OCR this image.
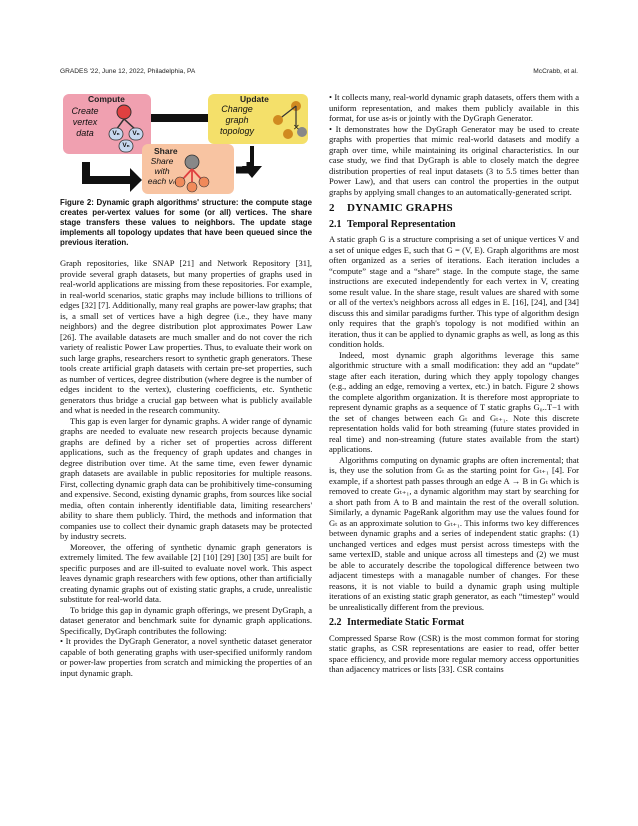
GRADES '22, June 12, 2022, Philadelphia, PA	McCrabb, et al.
✕
Compute
Create
vertex
data
Update
Change
graph
topology
Share
Share
with
each vₙ
Vₙ	Vₙ
Vₙ
Figure 2: Dynamic graph algorithms' structure: the compute stage creates per-vertex values for some (or all) vertices. The share stage transfers these values to neighbors. The update stage implements all topology updates that have been queued since the previous iteration.

Graph repositories, like SNAP [21] and Network Repository [31], provide several graph datasets, but many properties of graphs used in real-world applications are missing from these repositories. For example, in real-world scenarios, static graphs may include billions to trillions of edges [32] [7]. Additionally, many real graphs are power-law graphs; that is, a small set of vertices have a high degree (i.e., they have many neighbors) and the degree distribution plot approximates Power Law [26]. The available datasets are much smaller and do not cover the rich variety of realistic Power Law properties. Thus, to evaluate their work on such large graphs, researchers resort to synthetic graph generators. These tools create artificial graph datasets with certain pre-set properties, such as number of vertices, degree distribution (where degree is the number of edges incident to the vertex), clustering coefficients, etc. Synthetic generators thus bridge a crucial gap between what is publicly available and what is needed in the research community.

This gap is even larger for dynamic graphs. A wider range of dynamic graphs are needed to evaluate new research projects because dynamic graphs are defined by a richer set of properties across different applications, such as the frequency of graph updates and changes in degree distribution over time. At the same time, even fewer dynamic graph datasets are available in public repositories for multiple reasons. First, collecting dynamic graph data can be prohibitively time-consuming and expensive. Second, existing dynamic graphs, from sources like social media, often contain inherently identifiable data, limiting researchers' ability to share them publicly. Third, the methods and information that companies use to collect their dynamic graph datasets may be protected by industry secrets.

Moreover, the offering of synthetic dynamic graph generators is extremely limited. The few available [2] [10] [29] [30] [35] are built for specific purposes and are ill-suited to evaluate novel work. This aspect leaves dynamic graph researchers with few options, other than artificially creating dynamic graphs out of existing static graphs, a crude, unrealistic substitute for real-world data.

To bridge this gap in dynamic graph offerings, we present DyGraph, a dataset generator and benchmark suite for dynamic graph applications. Specifically, DyGraph contributes the following:

• It provides the DyGraph Generator, a novel synthetic dataset generator capable of both generating graphs with user-specified uniformly random or power-law properties from scratch and mimicking the properties of an input dynamic graph.

• It collects many, real-world dynamic graph datasets, offers them with a uniform representation, and makes them publicly available in this format, for use as-is or jointly with the DyGraph Generator.

• It demonstrates how the DyGraph Generator may be used to create graphs with properties that mimic real-world datasets and modify a graph over time, while maintaining its original characteristics. In our case study, we find that DyGraph is able to closely match the degree distribution properties of real input datasets (3 to 5.5 times better than Power Law), and that users can control the properties in the output graphs by applying small changes to an automatically-generated script.

2 DYNAMIC GRAPHS
2.1 Temporal Representation

A static graph G is a structure comprising a set of unique vertices V and a set of unique edges E, such that G = (V, E). Graph algorithms are most often organized as a series of iterations. Each iteration includes a “compute” stage and a “share” stage. In the compute stage, the same instructions are executed independently for each vertex in V, creating some result value. In the share stage, result values are shared with some or all of the vertex's neighbors across all edges in E. [16], [24], and [34] discuss this and similar paradigms further. This type of algorithm design only requires that the graph's topology is not modified within an iteration, thus it can be applied to dynamic graphs as well, as long as this condition holds.

Indeed, most dynamic graph algorithms leverage this same algorithmic structure with a small modification: they add an “update” stage after each iteration, during which they apply topology changes (e.g., adding an edge, removing a vertex, etc.) in batch. Figure 2 shows the complete algorithm organization. It is therefore most appropriate to represent dynamic graphs as a sequence of T static graphs G₀..T−1 with the set of changes between each Gₜ and Gₜ₊₁. Note this discrete representation holds valid for both streaming (future states provided in real time) and non-streaming (future states available from the start) applications.

Algorithms computing on dynamic graphs are often incremental; that is, they use the solution from Gₜ as the starting point for Gₜ₊₁ [4]. For example, if a shortest path passes through an edge A → B in Gₜ which is removed to create Gₜ₊₁, a dynamic algorithm may start by searching for a short path from A to B and maintain the rest of the overall solution. Similarly, a dynamic PageRank algorithm may use the values found for Gₜ as an approximate solution to Gₜ₊₁. This informs two key differences between dynamic graphs and a series of independent static graphs: (1) unchanged vertices and edges must persist across timesteps with the same vertexID, stable and unique across all timesteps and (2) we must be able to accurately describe the topological difference between two adjacent timesteps with a managable number of changes. For these reasons, it is not viable to build a dynamic graph using multiple iterations of an existing static graph generator, as each “timestep” would be unrealistically different from the previous.

2.2 Intermediate Static Format

Compressed Sparse Row (CSR) is the most common format for storing static graphs, as CSR representations are easier to read, offer better space efficiency, and provide more regular memory access opportunities than adjacency matrices or lists [33]. CSR contains
